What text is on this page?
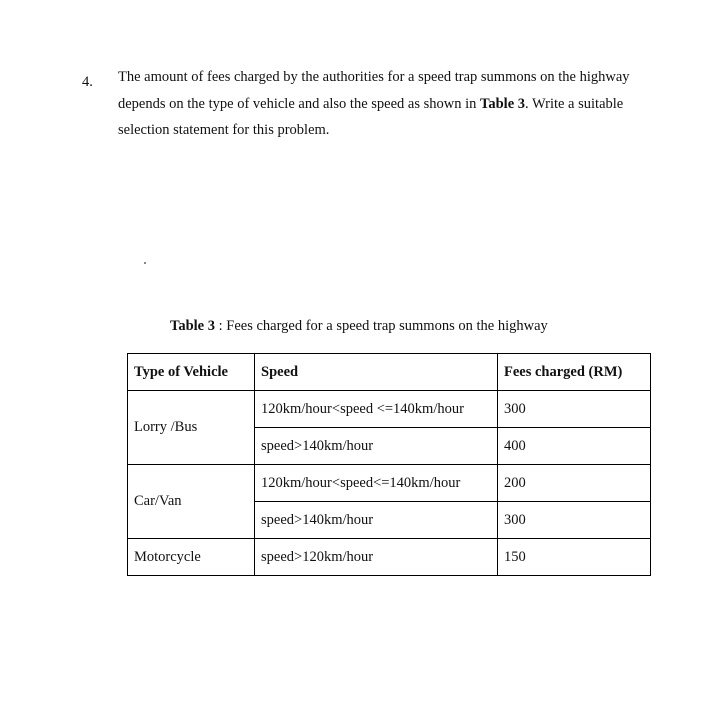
4. The amount of fees charged by the authorities for a speed trap summons on the highway depends on the type of vehicle and also the speed as shown in Table 3. Write a suitable selection statement for this problem.
Table 3 : Fees charged for a speed trap summons on the highway
Type of Vehicle	Speed	Fees charged (RM)
Lorry /Bus	120km/hour<speed <=140km/hour	300
	speed>140km/hour	400
Car/Van	120km/hour<speed<=140km/hour	200
	speed>140km/hour	300
Motorcycle	speed>120km/hour	150
